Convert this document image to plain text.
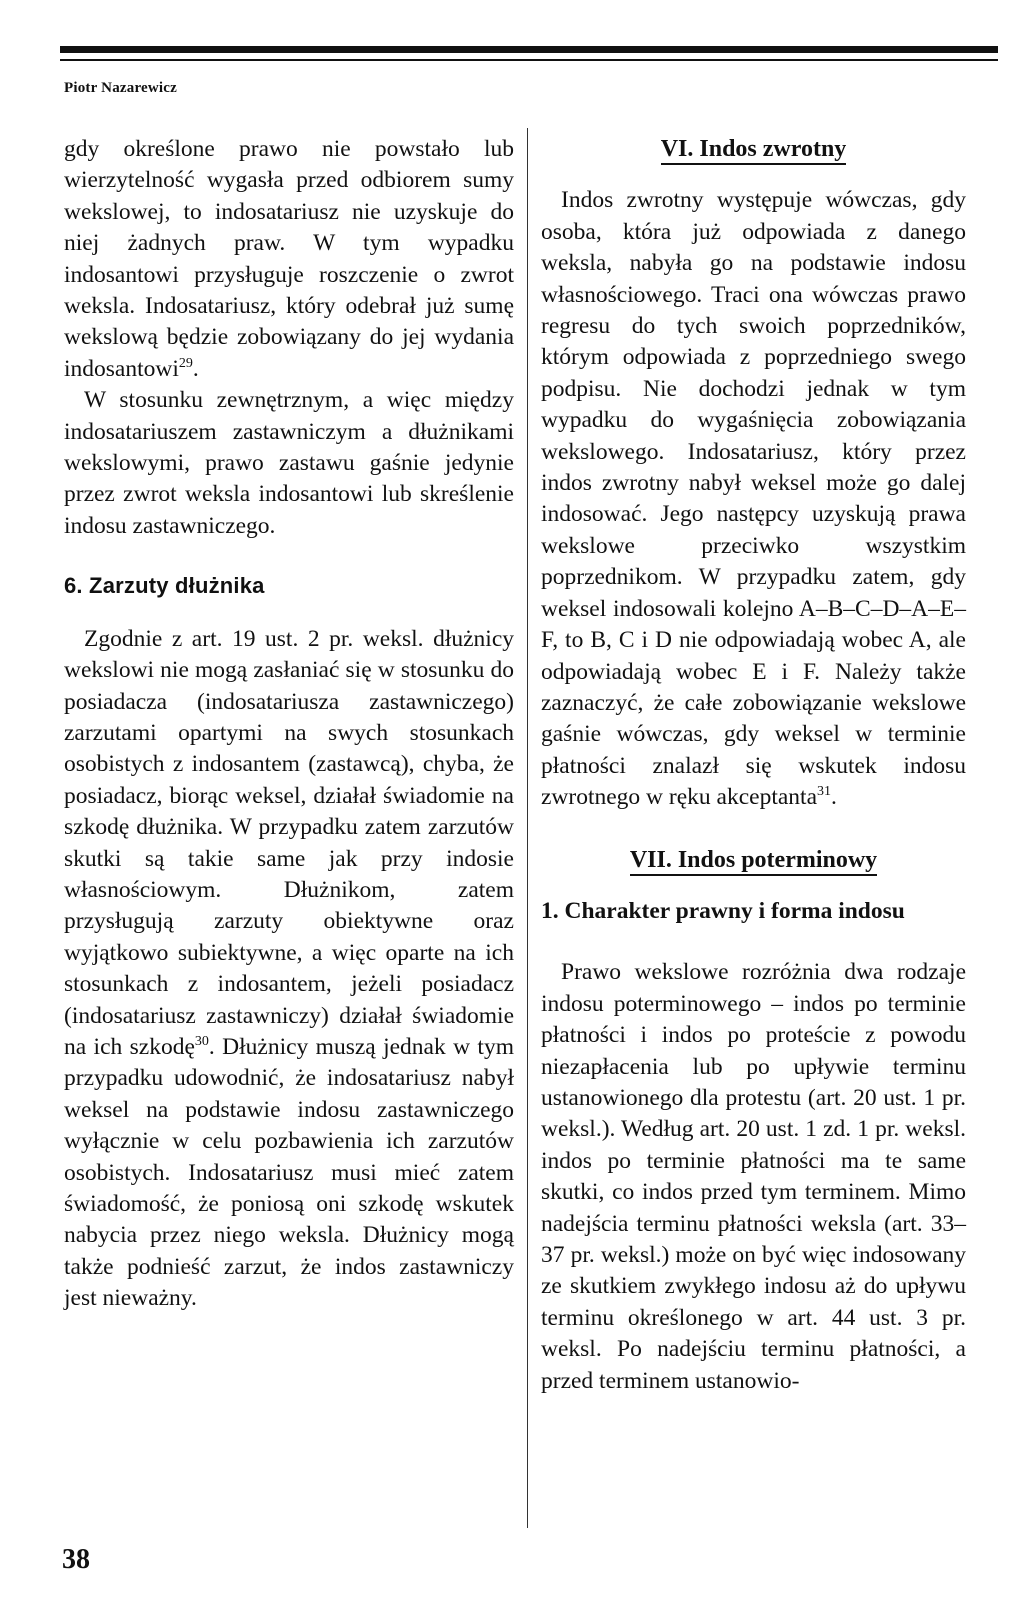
Piotr Nazarewicz

gdy określone prawo nie powstało lub wierzytelność wygasła przed odbiorem sumy wekslowej, to indosatariusz nie uzyskuje do niej żadnych praw. W tym wypadku indosantowi przysługuje roszczenie o zwrot weksla. Indosatariusz, który odebrał już sumę wekslową będzie zobowiązany do jej wydania indosantowi$^{29}$.

W stosunku zewnętrznym, a więc między indosatariuszem zastawniczym a dłużnikami wekslowymi, prawo zastawu gaśnie jedynie przez zwrot weksla indosantowi lub skreślenie indosu zastawniczego.

6. Zarzuty dłużnika

Zgodnie z art. 19 ust. 2 pr. weksl. dłużnicy wekslowi nie mogą zasłaniać się w stosunku do posiadacza (indosatariusza zastawniczego) zarzutami opartymi na swych stosunkach osobistych z indosantem (zastawcą), chyba, że posiadacz, biorąc weksel, działał świadomie na szkodę dłużnika. W przypadku zatem zarzutów skutki są takie same jak przy indosie własnościowym. Dłużnikom, zatem przysługują zarzuty obiektywne oraz wyjątkowo subiektywne, a więc oparte na ich stosunkach z indosantem, jeżeli posiadacz (indosatariusz zastawniczy) działał świadomie na ich szkodę$^{30}$. Dłużnicy muszą jednak w tym przypadku udowodnić, że indosatariusz nabył weksel na podstawie indosu zastawniczego wyłącznie w celu pozbawienia ich zarzutów osobistych. Indosatariusz musi mieć zatem świadomość, że poniosą oni szkodę wskutek nabycia przez niego weksla. Dłużnicy mogą także podnieść zarzut, że indos zastawniczy jest nieważny.

VI. Indos zwrotny

Indos zwrotny występuje wówczas, gdy osoba, która już odpowiada z danego weksla, nabyła go na podstawie indosu własnościowego. Traci ona wówczas prawo regresu do tych swoich poprzedników, którym odpowiada z poprzedniego swego podpisu. Nie dochodzi jednak w tym wypadku do wygaśnięcia zobowiązania wekslowego. Indosatariusz, który przez indos zwrotny nabył weksel może go dalej indosować. Jego następcy uzyskują prawa wekslowe przeciwko wszystkim poprzednikom. W przypadku zatem, gdy weksel indosowali kolejno A–B–C–D–A–E–F, to B, C i D nie odpowiadają wobec A, ale odpowiadają wobec E i F. Należy także zaznaczyć, że całe zobowiązanie wekslowe gaśnie wówczas, gdy weksel w terminie płatności znalazł się wskutek indosu zwrotnego w ręku akceptanta$^{31}$.

VII. Indos poterminowy
1. Charakter prawny i forma indosu

Prawo wekslowe rozróżnia dwa rodzaje indosu poterminowego – indos po terminie płatności i indos po proteście z powodu niezapłacenia lub po upływie terminu ustanowionego dla protestu (art. 20 ust. 1 pr. weksl.). Według art. 20 ust. 1 zd. 1 pr. weksl. indos po terminie płatności ma te same skutki, co indos przed tym terminem. Mimo nadejścia terminu płatności weksla (art. 33–37 pr. weksl.) może on być więc indosowany ze skutkiem zwykłego indosu aż do upływu terminu określonego w art. 44 ust. 3 pr. weksl. Po nadejściu terminu płatności, a przed terminem ustanowio-

38
